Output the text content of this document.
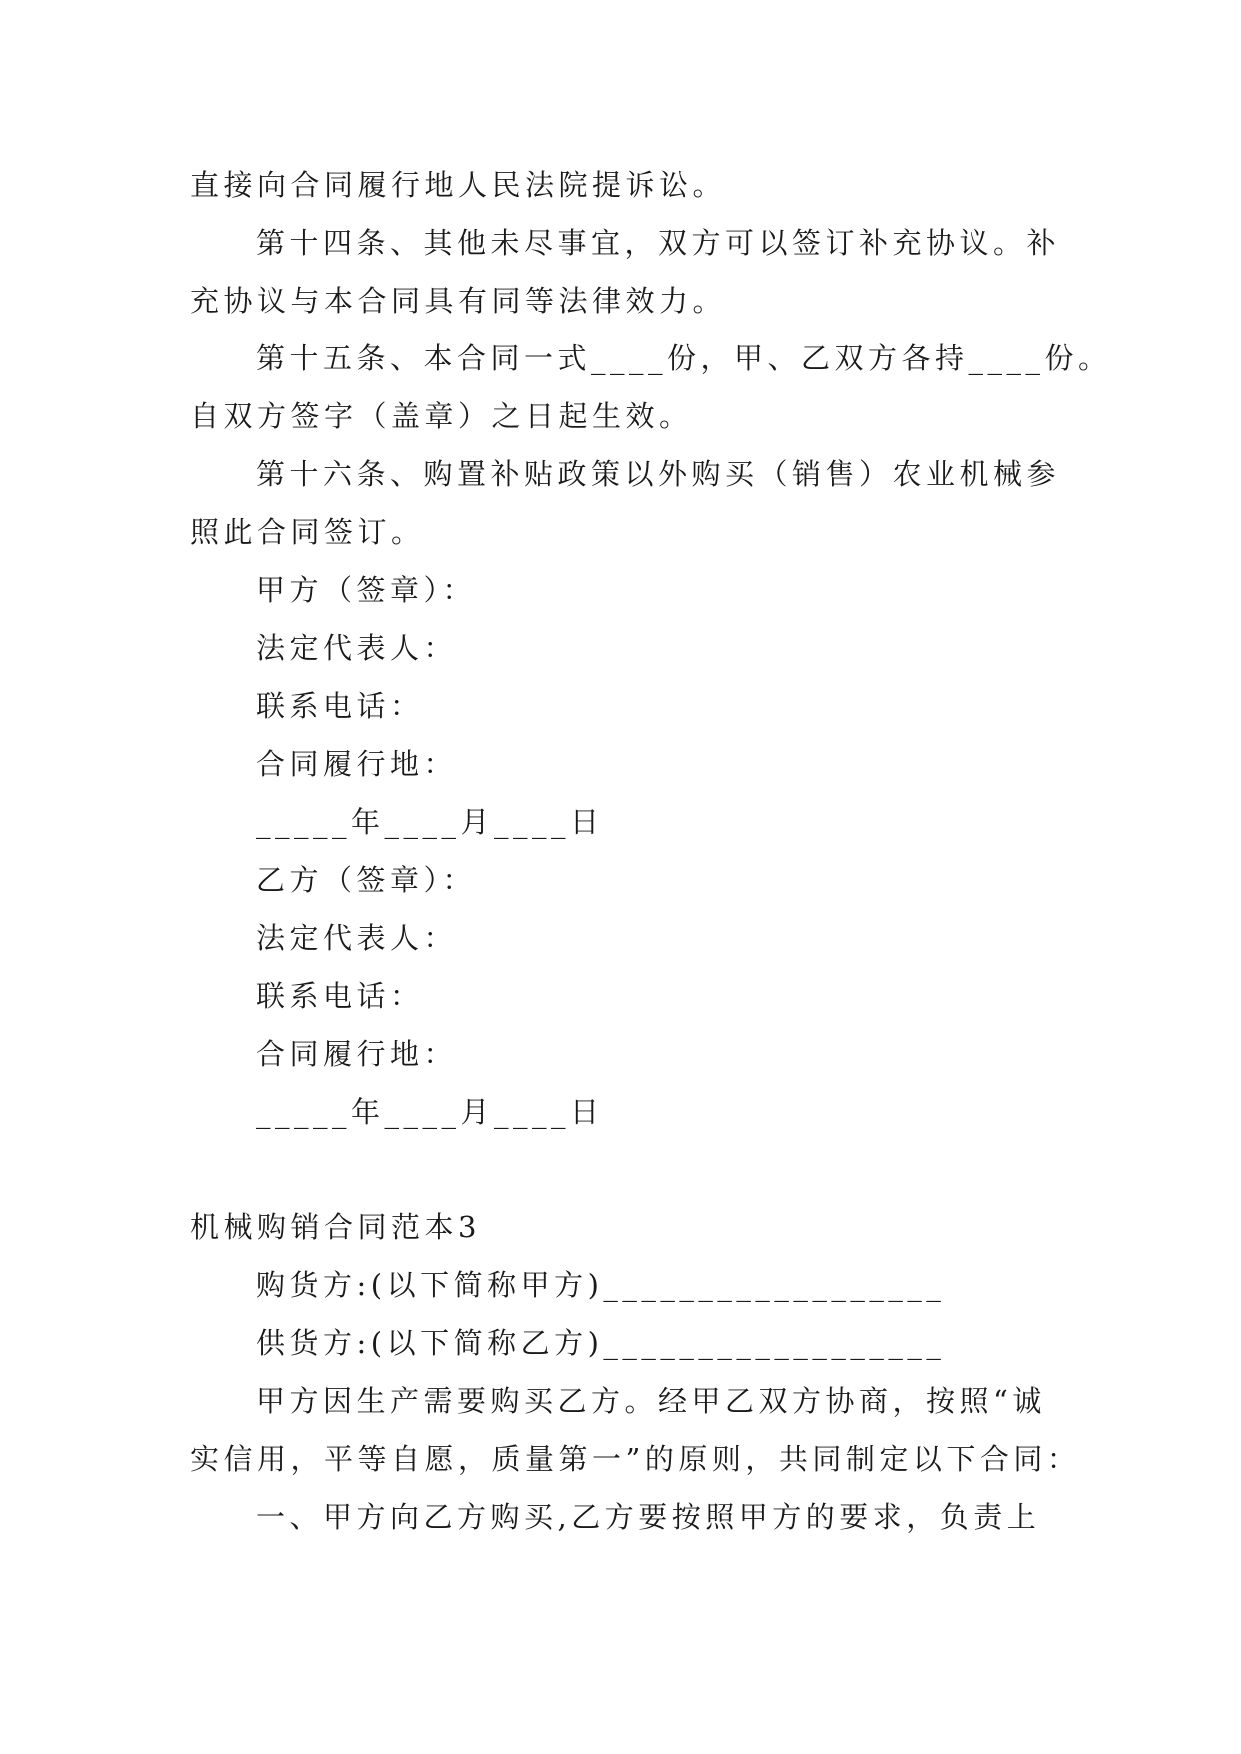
直接向合同履行地人民法院提诉讼。
第十四条、其他未尽事宜，双方可以签订补充协议。补
充协议与本合同具有同等法律效力。
第十五条、本合同一式____份，甲、乙双方各持____份。
自双方签字（盖章）之日起生效。
第十六条、购置补贴政策以外购买（销售）农业机械参
照此合同签订。
甲方（签章）：
法定代表人：
联系电话：
合同履行地：
_____年____月____日
乙方（签章）：
法定代表人：
联系电话：
合同履行地：
_____年____月____日
机械购销合同范本3
购货方:(以下简称甲方)__________________
供货方:(以下简称乙方)__________________
甲方因生产需要购买乙方。经甲乙双方协商，按照“诚
实信用，平等自愿，质量第一”的原则，共同制定以下合同：
一、甲方向乙方购买,乙方要按照甲方的要求，负责上
